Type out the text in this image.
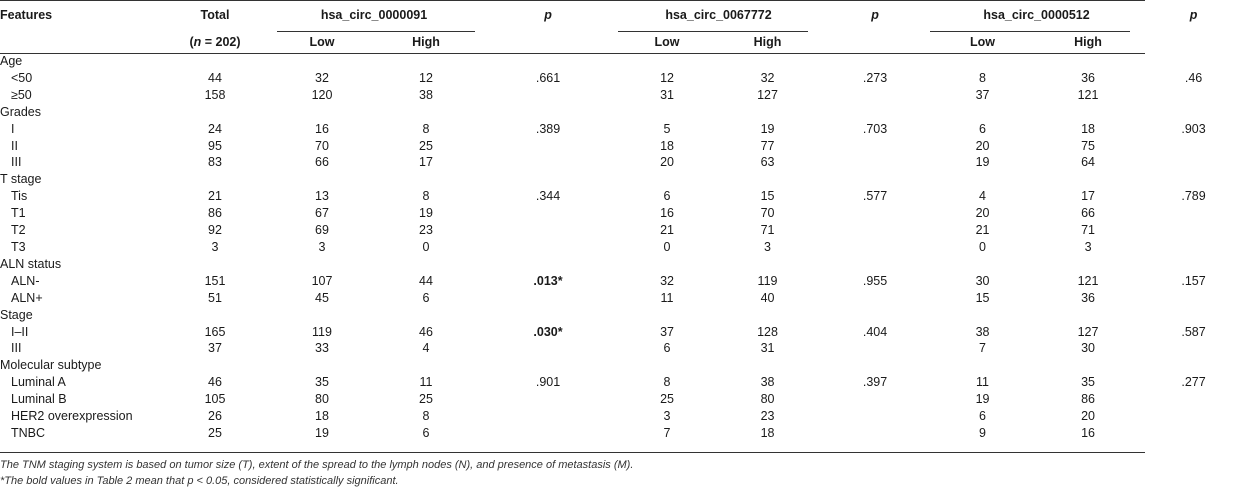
Features	Total	hsa_circ_0000091		p	hsa_circ_0067772		p	hsa_circ_0000512		p
	(n = 202)	Low	High		Low	High		Low	High	
Age										
<50	44	32	12	.661	12	32	.273	8	36	.46
≥50	158	120	38		31	127		37	121	
Grades										
I	24	16	8	.389	5	19	.703	6	18	.903
II	95	70	25		18	77		20	75	
III	83	66	17		20	63		19	64	
T stage										
Tis	21	13	8	.344	6	15	.577	4	17	.789
T1	86	67	19		16	70		20	66	
T2	92	69	23		21	71		21	71	
T3	3	3	0		0	3		0	3	
ALN status										
ALN-	151	107	44	.013*	32	119	.955	30	121	.157
ALN+	51	45	6		11	40		15	36	
Stage										
I–II	165	119	46	.030*	37	128	.404	38	127	.587
III	37	33	4		6	31		7	30	
Molecular subtype										
Luminal A	46	35	11	.901	8	38	.397	11	35	.277
Luminal B	105	80	25		25	80		19	86	
HER2 overexpression	26	18	8		3	23		6	20	
TNBC	25	19	6		7	18		9	16	
The TNM staging system is based on tumor size (T), extent of the spread to the lymph nodes (N), and presence of metastasis (M).
*The bold values in Table 2 mean that p < 0.05, considered statistically significant.
